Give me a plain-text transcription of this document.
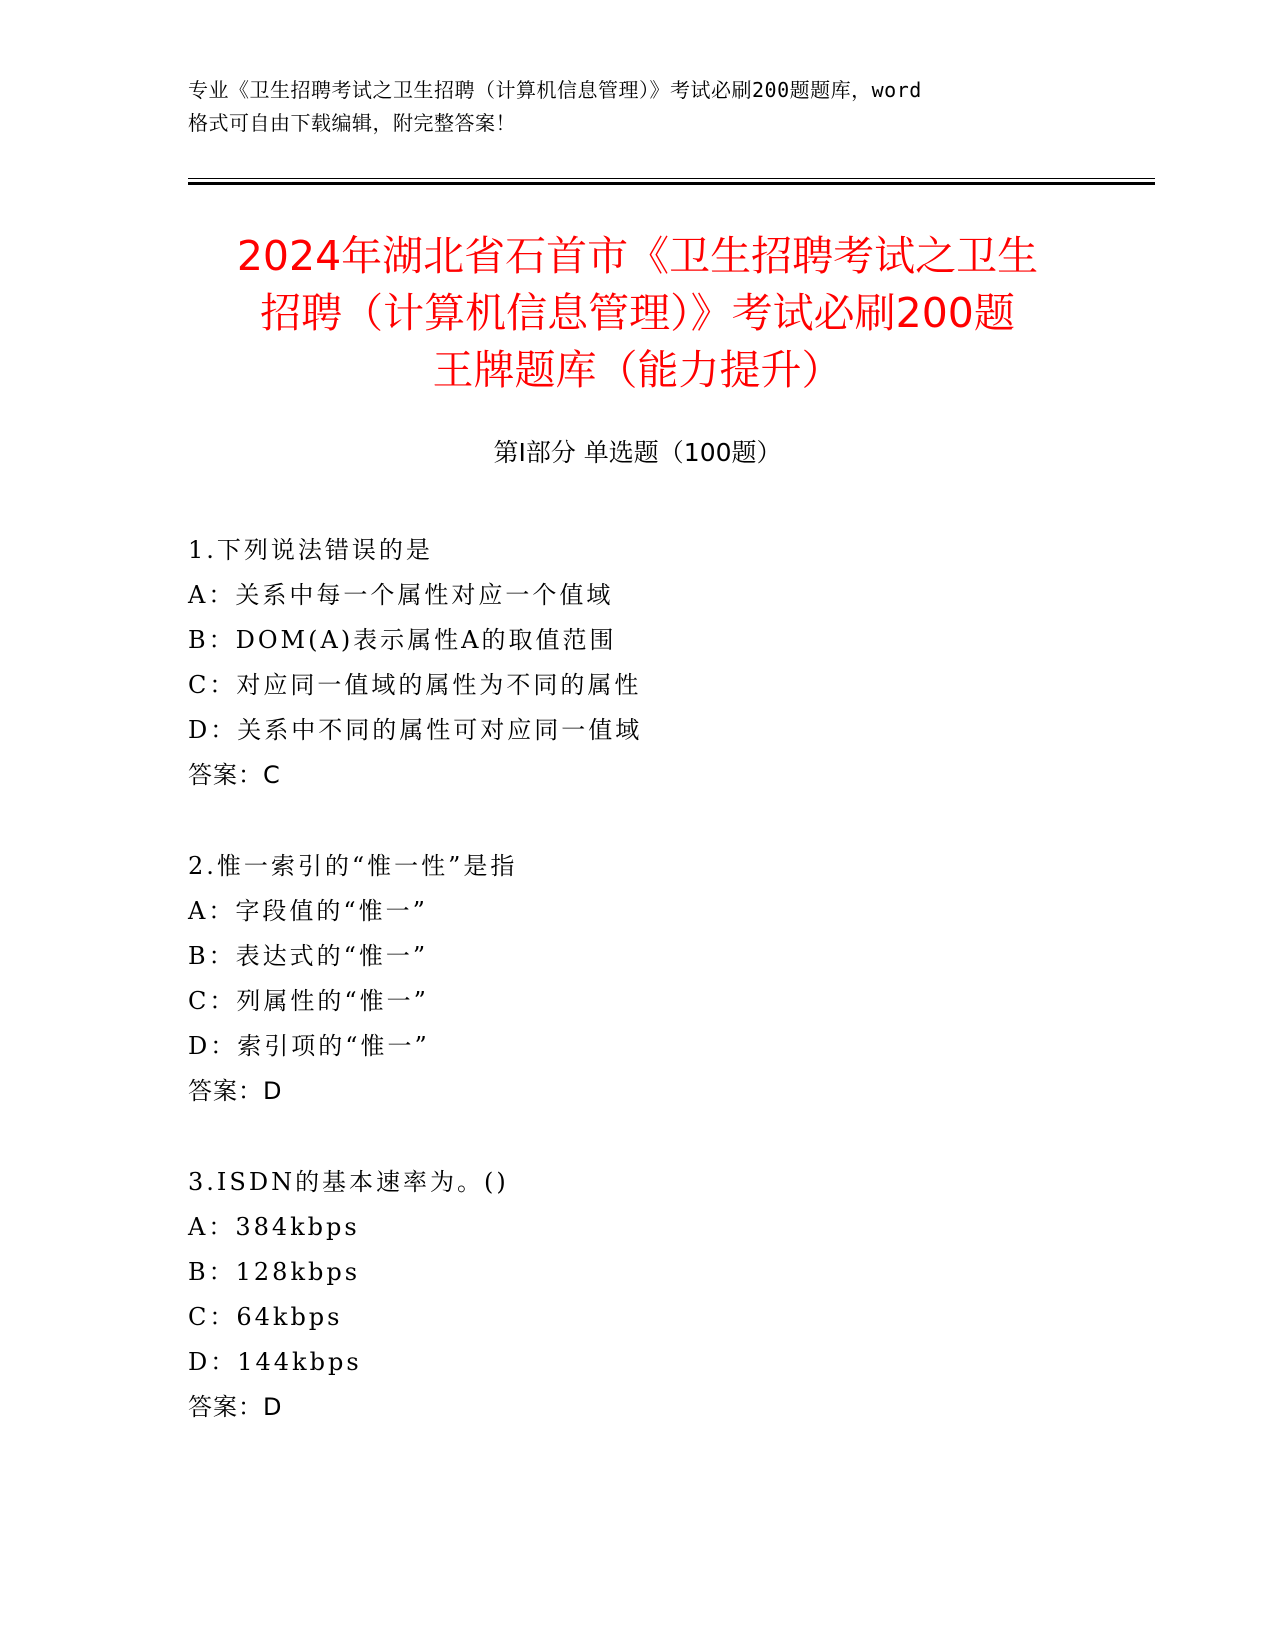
专业《卫生招聘考试之卫生招聘（计算机信息管理）》考试必刷200题题库，word
格式可自由下载编辑，附完整答案！
2024年湖北省石首市《卫生招聘考试之卫生
招聘（计算机信息管理）》考试必刷200题
王牌题库（能力提升）
第Ⅰ部分 单选题（100题）
1.下列说法错误的是
A：关系中每一个属性对应一个值域
B：DOM(A)表示属性A的取值范围
C：对应同一值域的属性为不同的属性
D：关系中不同的属性可对应同一值域
答案：C
2.惟一索引的“惟一性”是指
A：字段值的“惟一”
B：表达式的“惟一”
C：列属性的“惟一”
D：索引项的“惟一”
答案：D
3.ISDN的基本速率为。()
A：384kbps
B：128kbps
C：64kbps
D：144kbps
答案：D
